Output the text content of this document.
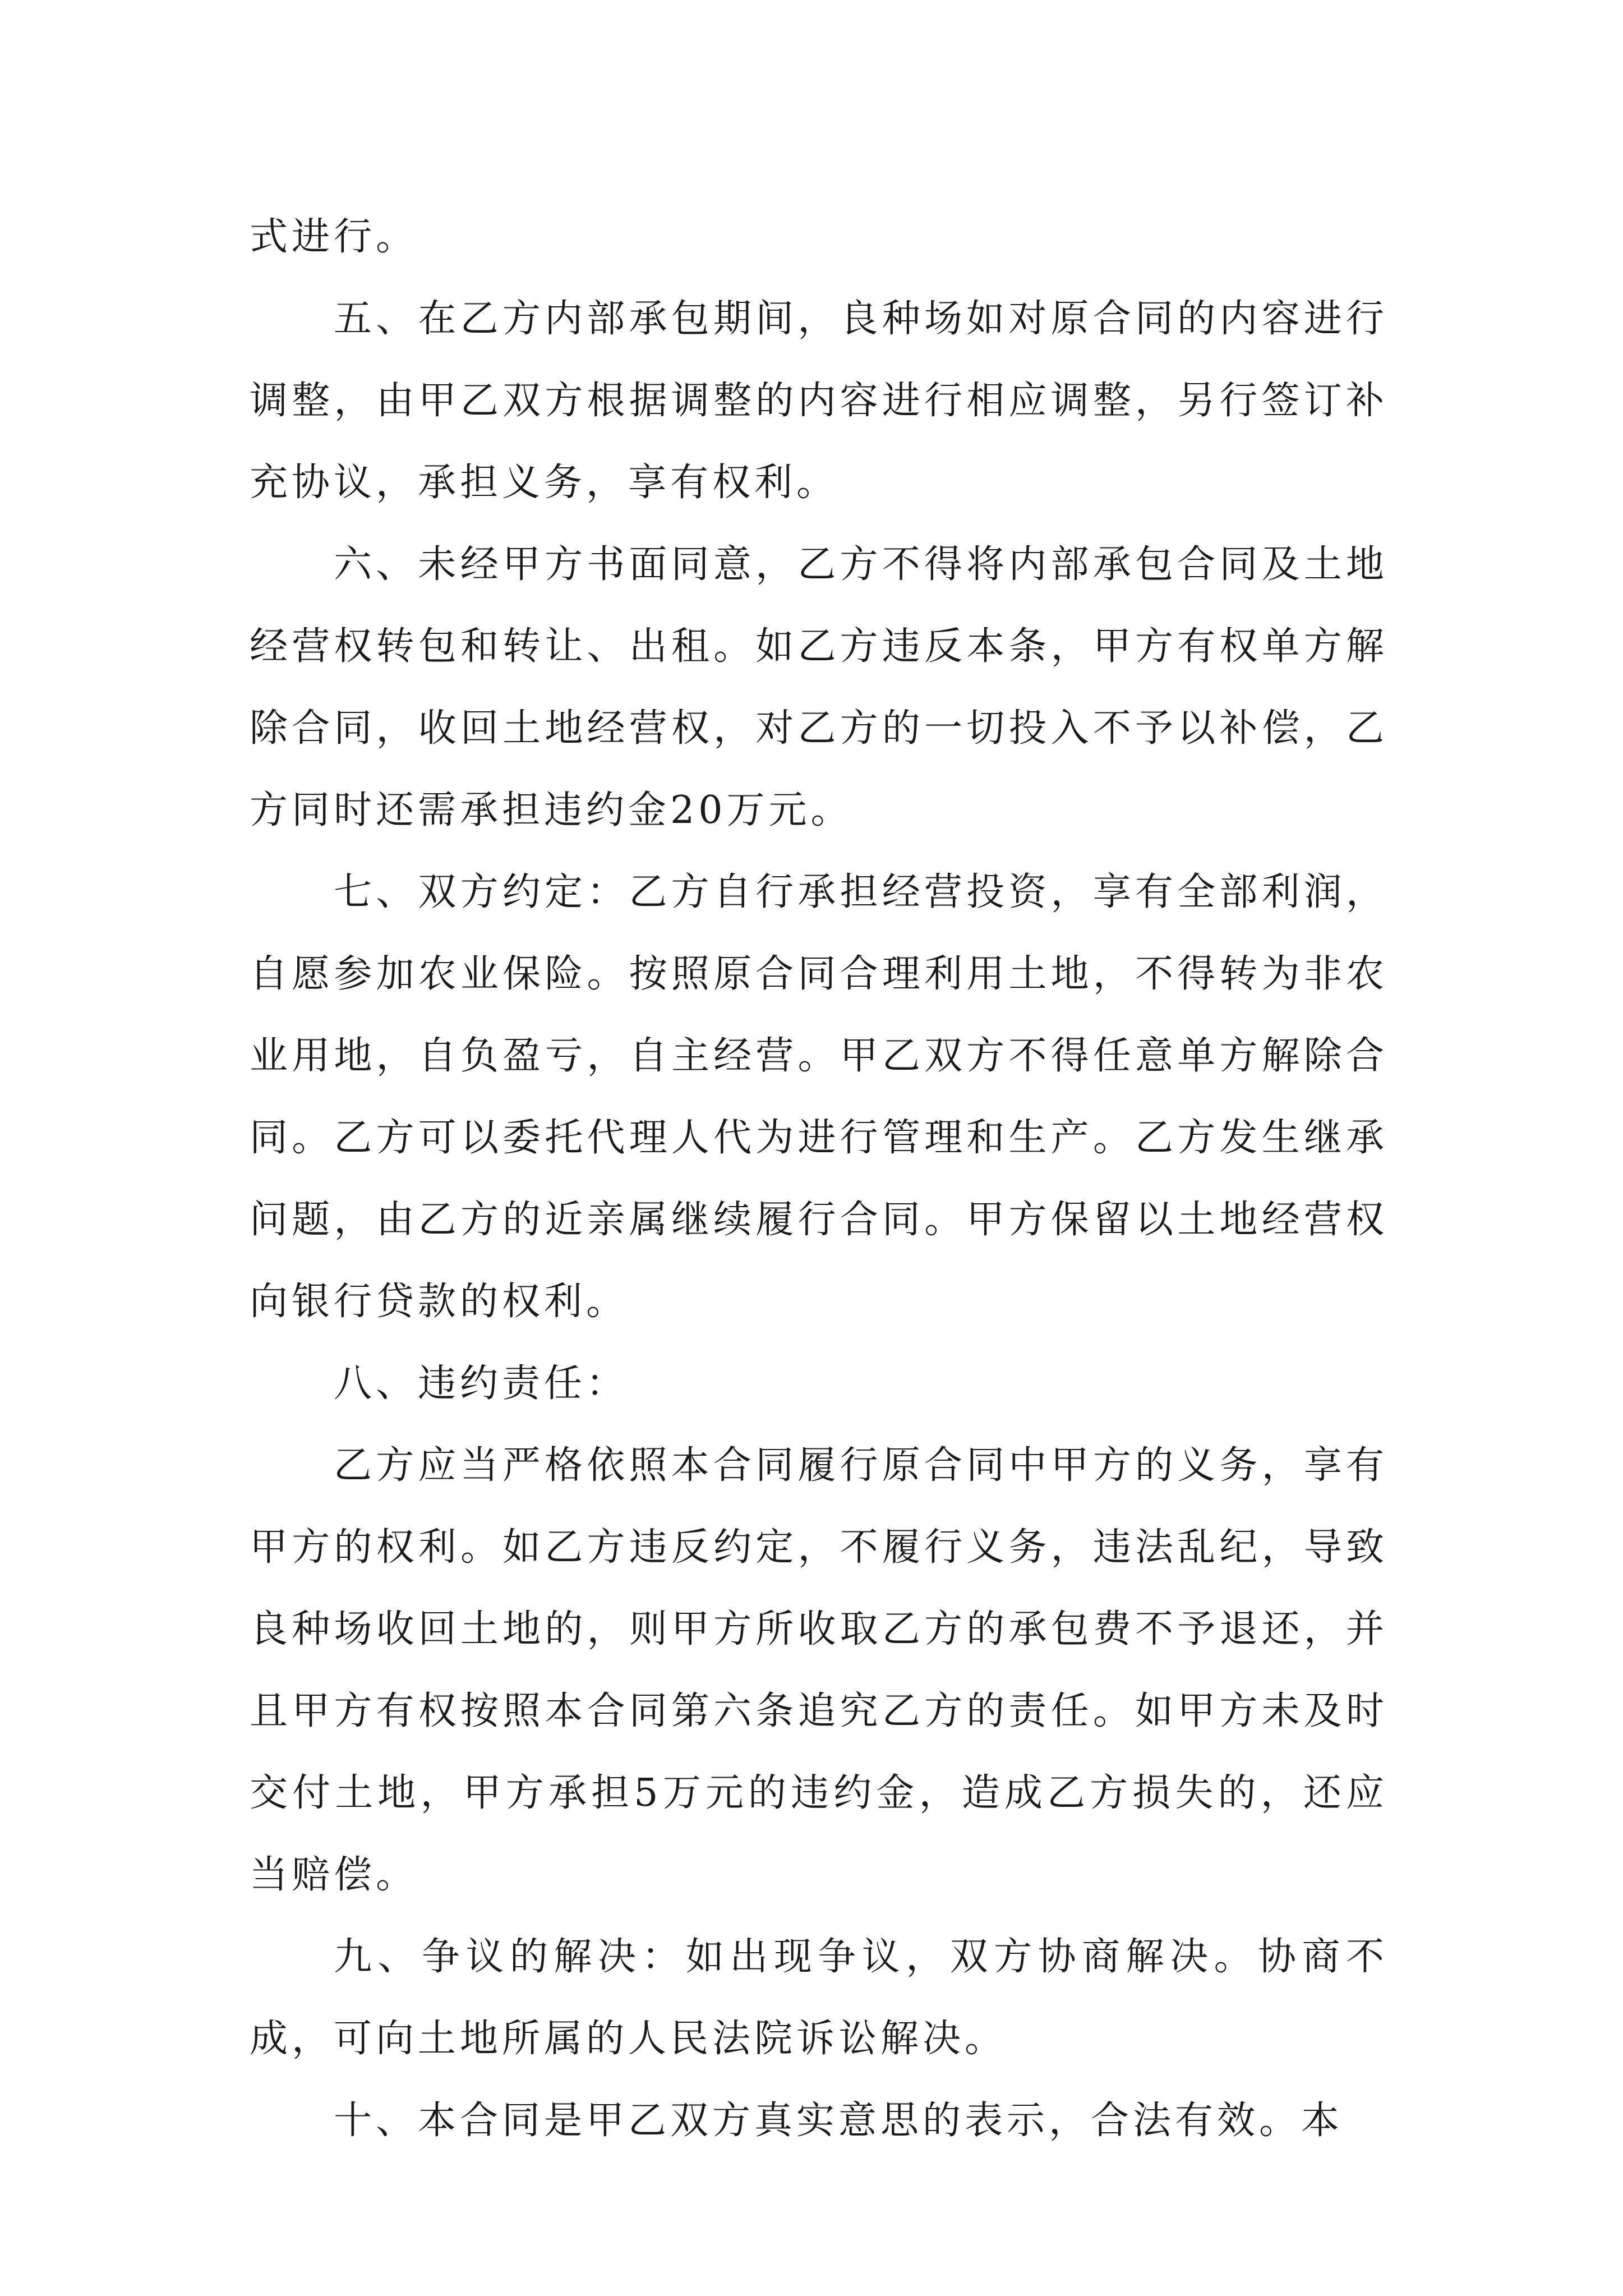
式进行。

五、在乙方内部承包期间，良种场如对原合同的内容进行调整，由甲乙双方根据调整的内容进行相应调整，另行签订补充协议，承担义务，享有权利。

六、未经甲方书面同意，乙方不得将内部承包合同及土地经营权转包和转让、出租。如乙方违反本条，甲方有权单方解除合同，收回土地经营权，对乙方的一切投入不予以补偿，乙方同时还需承担违约金20万元。

七、双方约定：乙方自行承担经营投资，享有全部利润，自愿参加农业保险。按照原合同合理利用土地，不得转为非农业用地，自负盈亏，自主经营。甲乙双方不得任意单方解除合同。乙方可以委托代理人代为进行管理和生产。乙方发生继承问题，由乙方的近亲属继续履行合同。甲方保留以土地经营权向银行贷款的权利。

八、违约责任：

乙方应当严格依照本合同履行原合同中甲方的义务，享有甲方的权利。如乙方违反约定，不履行义务，违法乱纪，导致良种场收回土地的，则甲方所收取乙方的承包费不予退还，并且甲方有权按照本合同第六条追究乙方的责任。如甲方未及时交付土地，甲方承担5万元的违约金，造成乙方损失的，还应当赔偿。

九、争议的解决：如出现争议，双方协商解决。协商不成，可向土地所属的人民法院诉讼解决。

十、本合同是甲乙双方真实意思的表示，合法有效。本
